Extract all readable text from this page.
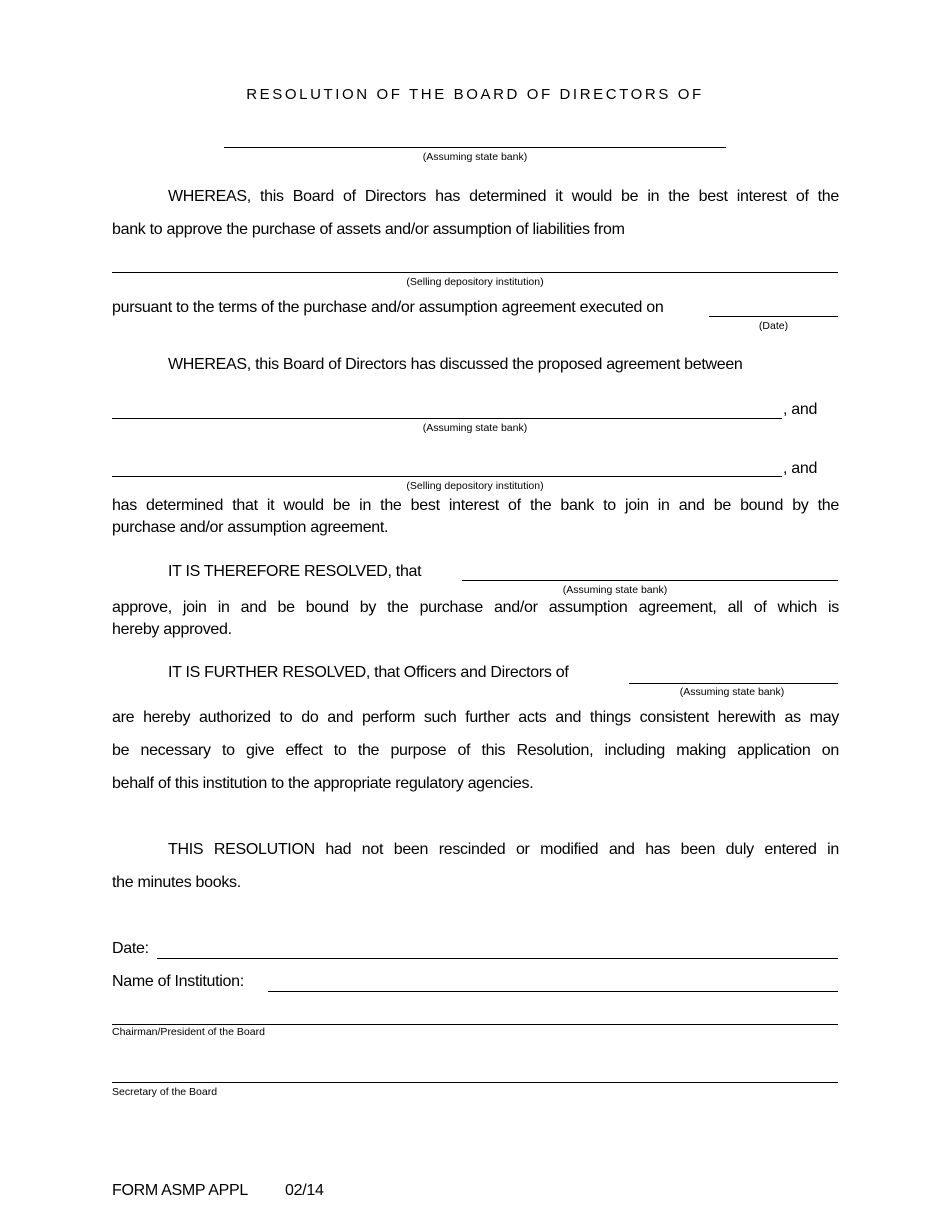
RESOLUTION OF THE BOARD OF DIRECTORS OF
(Assuming state bank)
WHEREAS, this Board of Directors has determined it would be in the best interest of the
bank to approve the purchase of assets and/or assumption of liabilities from
(Selling depository institution)
pursuant to the terms of the purchase and/or assumption agreement executed on
(Date)
WHEREAS, this Board of Directors has discussed the proposed agreement between
, and
(Assuming state bank)
, and
(Selling depository institution)
has determined that it would be in the best interest of the bank to join in and be bound by the
purchase and/or assumption agreement.
IT IS THEREFORE RESOLVED, that
(Assuming state bank)
approve, join in and be bound by the purchase and/or assumption agreement, all of which is
hereby approved.
IT IS FURTHER RESOLVED, that Officers and Directors of
(Assuming state bank)
are hereby authorized to do and perform such further acts and things consistent herewith as may
be necessary to give effect to the purpose of this Resolution, including making application on
behalf of this institution to the appropriate regulatory agencies.
THIS RESOLUTION had not been rescinded or modified and has been duly entered in
the minutes books.
Date:
Name of Institution:
Chairman/President of the Board
Secretary of the Board
FORM ASMP APPL 02/14
